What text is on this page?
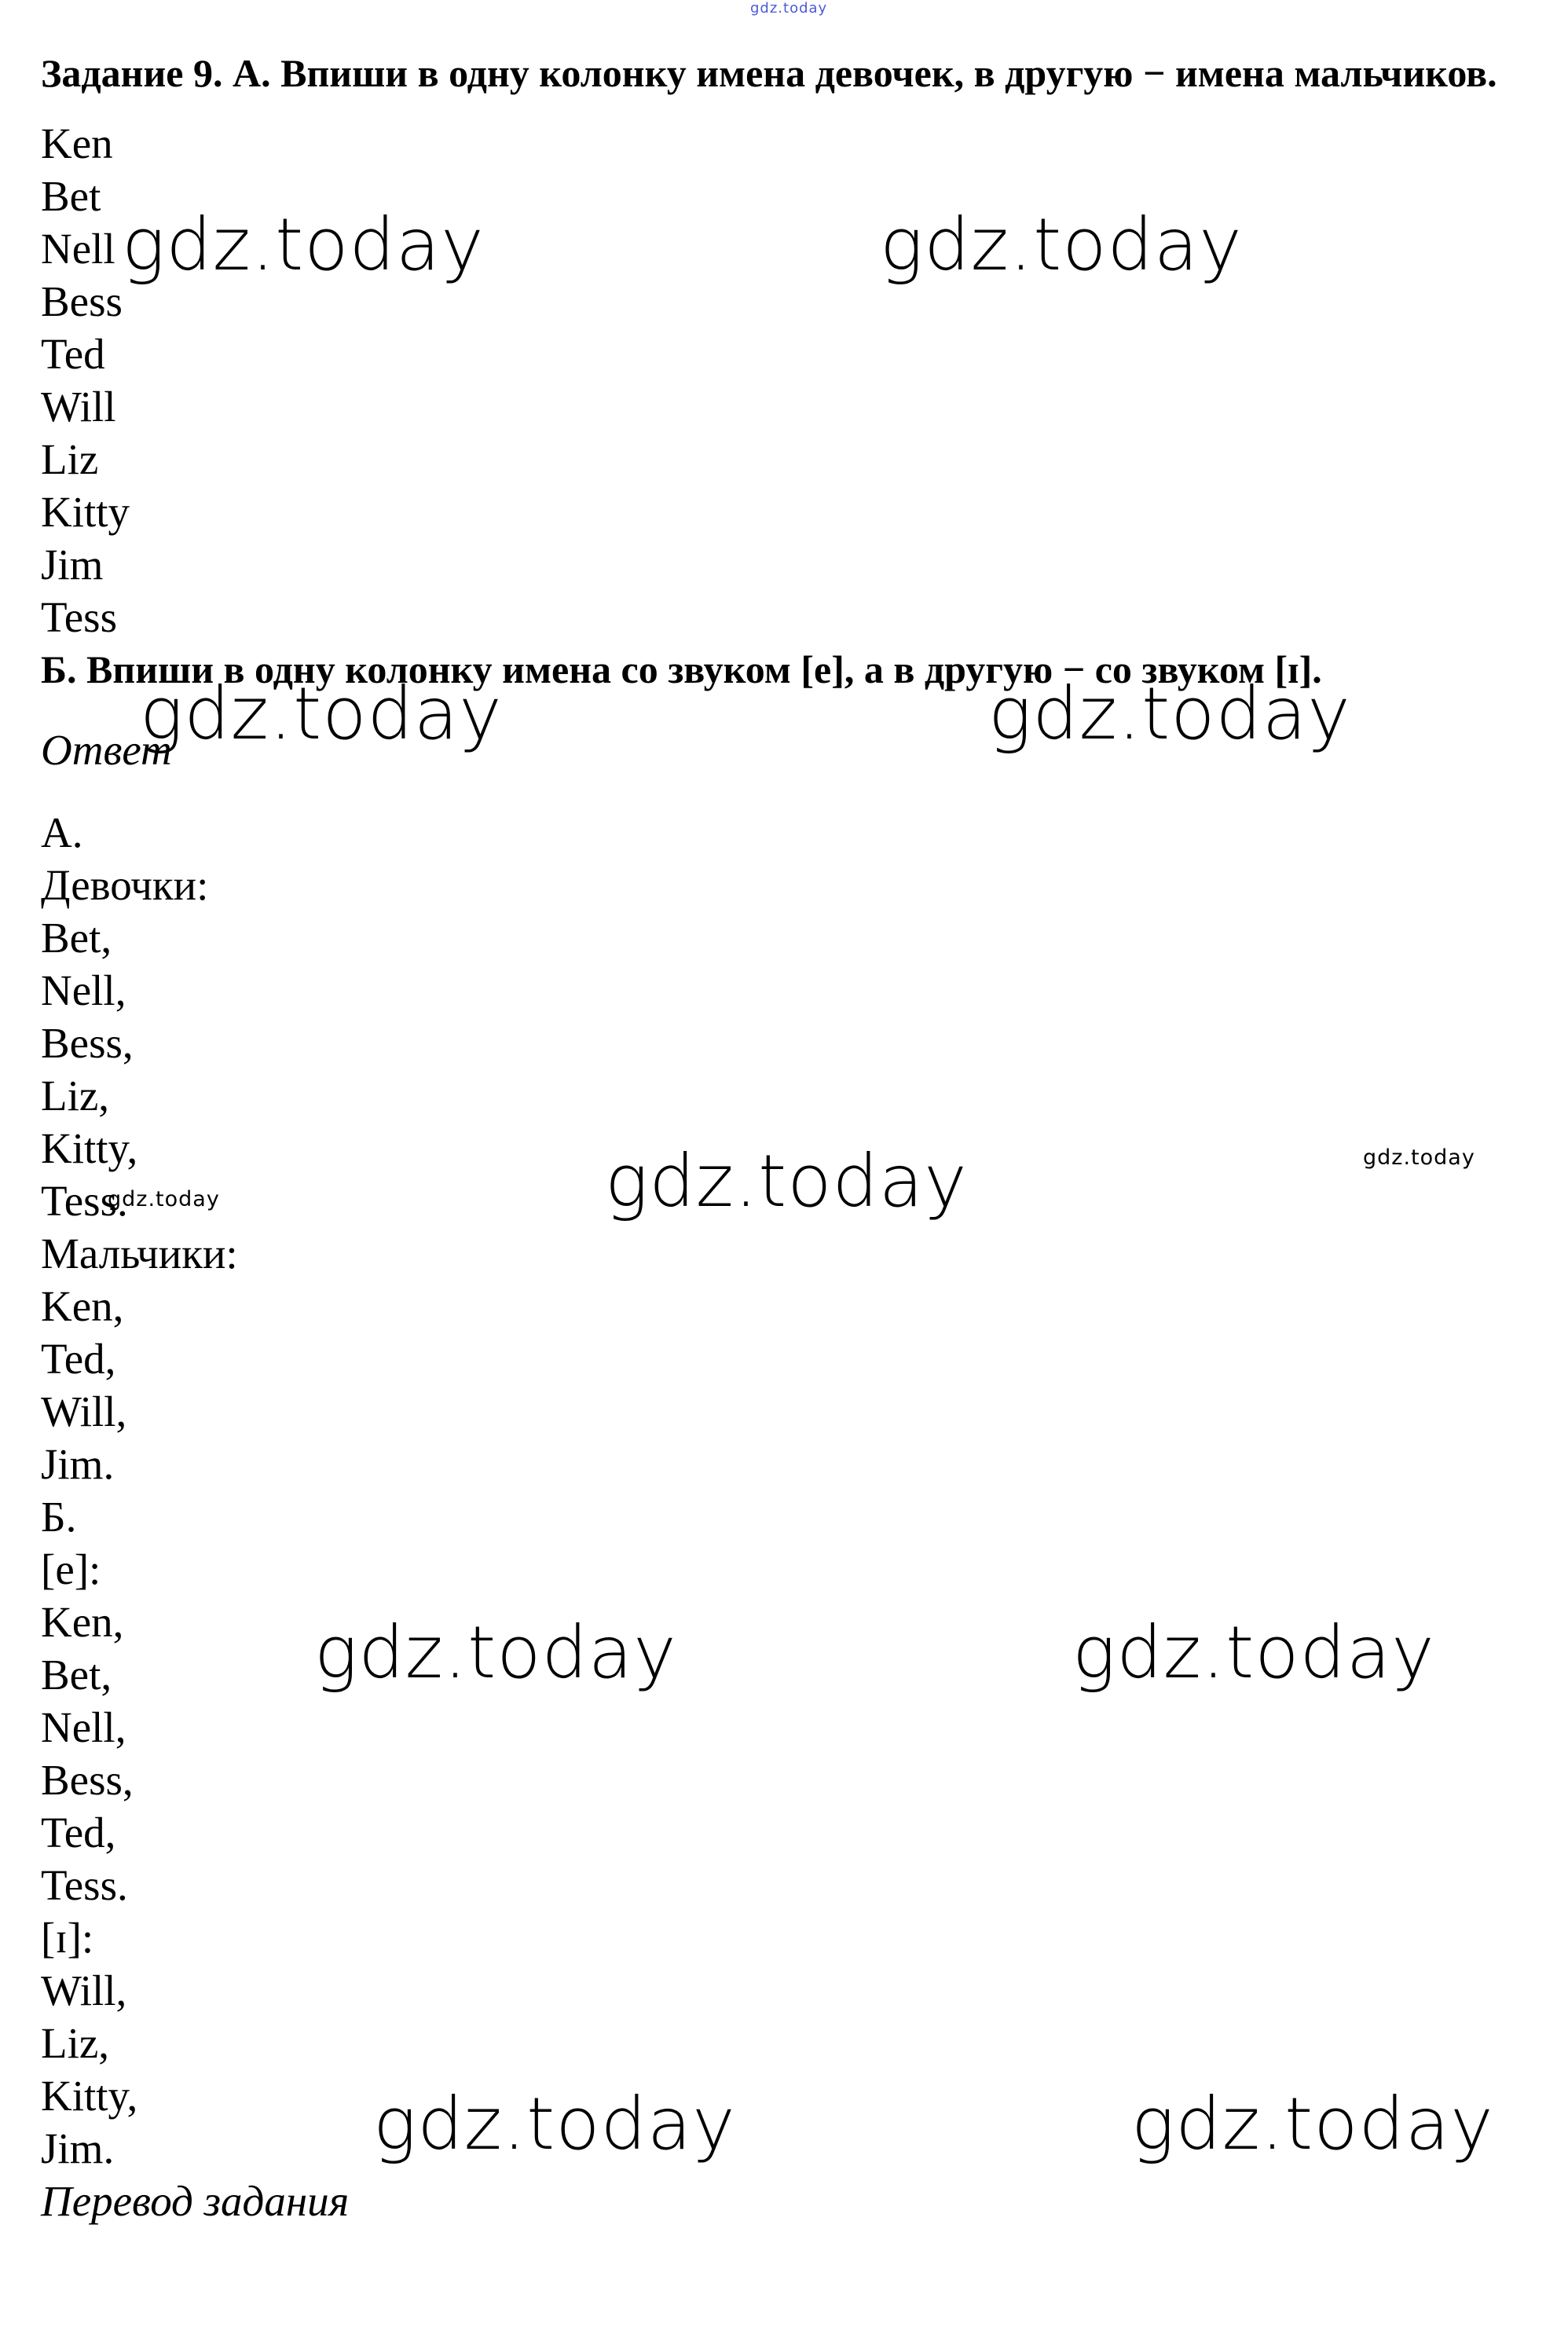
Задание 9. А. Впиши в одну колонку имена девочек, в другую − имена мальчиков.

Ken
Bet
Nell
Bess
Ted
Will
Liz
Kitty
Jim
Tess

Б. Впиши в одну колонку имена со звуком [e], а в другую − со звуком [ɪ].

Ответ
А.
Девочки:
Bet,
Nell,
Bess,
Liz,
Kitty,
Tess.
Мальчики:
Ken,
Ted,
Will,
Jim.
Б.
[e]:
Ken,
Bet,
Nell,
Bess,
Ted,
Tess.
[ɪ]:
Will,
Liz,
Kitty,
Jim.
Перевод задания
gdz.today
gdz.today	gdz.today
gdz.today	gdz.today
gdz.today
gdz.today
gdz.today
gdz.today	gdz.today
gdz.today	gdz.today
